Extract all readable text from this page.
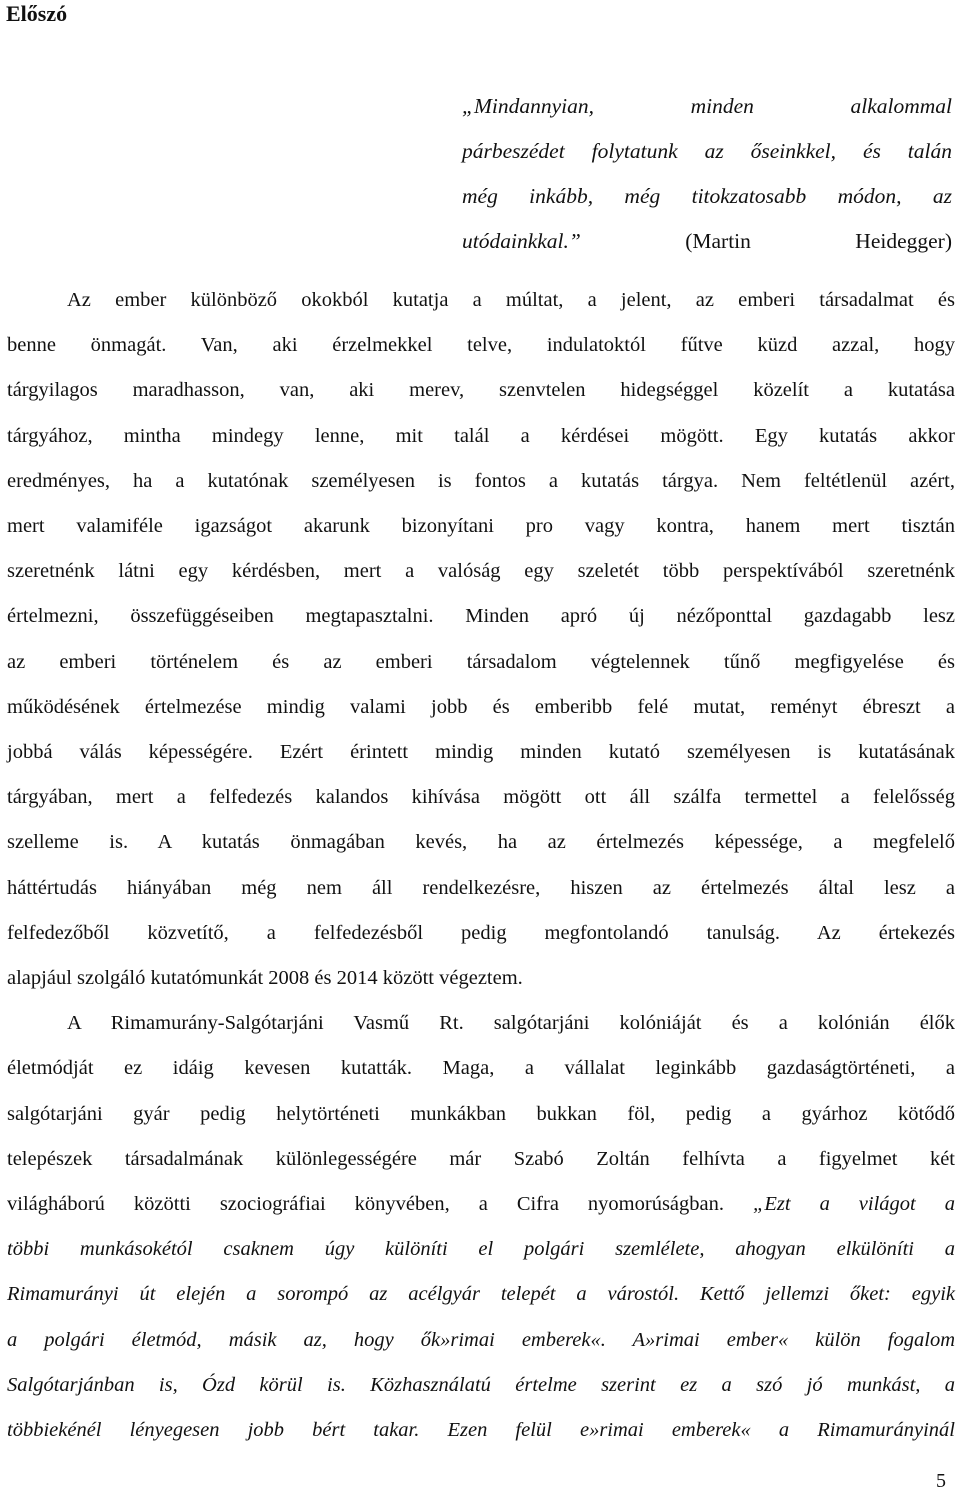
Előszó
„Mindannyian, minden alkalommal
párbeszédet folytatunk az őseinkkel, és talán
még inkább, még titokzatosabb módon, az
utódainkkal.”	(Martin Heidegger)
Az ember különböző okokból kutatja a múltat, a jelent, az emberi társadalmat és
benne önmagát. Van, aki érzelmekkel telve, indulatoktól fűtve küzd azzal, hogy
tárgyilagos maradhasson, van, aki merev, szenvtelen hidegséggel közelít a kutatása
tárgyához, mintha mindegy lenne, mit talál a kérdései mögött. Egy kutatás akkor
eredményes, ha a kutatónak személyesen is fontos a kutatás tárgya. Nem feltétlenül azért,
mert valamiféle igazságot akarunk bizonyítani pro vagy kontra, hanem mert tisztán
szeretnénk látni egy kérdésben, mert a valóság egy szeletét több perspektívából szeretnénk
értelmezni, összefüggéseiben megtapasztalni. Minden apró új nézőponttal gazdagabb lesz
az emberi történelem és az emberi társadalom végtelennek tűnő megfigyelése és
működésének értelmezése mindig valami jobb és emberibb felé mutat, reményt ébreszt a
jobbá válás képességére. Ezért érintett mindig minden kutató személyesen is kutatásának
tárgyában, mert a felfedezés kalandos kihívása mögött ott áll szálfa termettel a felelősség
szelleme is. A kutatás önmagában kevés, ha az értelmezés képessége, a megfelelő
háttértudás hiányában még nem áll rendelkezésre, hiszen az értelmezés által lesz a
felfedezőből közvetítő, a felfedezésből pedig megfontolandó tanulság. Az értekezés
alapjául szolgáló kutatómunkát 2008 és 2014 között végeztem.
A Rimamurány-Salgótarjáni Vasmű Rt. salgótarjáni kolóniáját és a kolónián élők
életmódját ez idáig kevesen kutatták. Maga, a vállalat leginkább gazdaságtörténeti, a
salgótarjáni gyár pedig helytörténeti munkákban bukkan föl, pedig a gyárhoz kötődő
telepészek társadalmának különlegességére már Szabó Zoltán felhívta a figyelmet két
világháború közötti szociográfiai könyvében, a Cifra nyomorúságban. „Ezt a világot a
többi munkásokétól csaknem úgy különíti el polgári szemlélete, ahogyan elkülöníti a
Rimamurányi út elején a sorompó az acélgyár telepét a várostól. Kettő jellemzi őket: egyik
a polgári életmód, másik az, hogy ők»rimai emberek«. A»rimai ember« külön fogalom
Salgótarjánban is, Ózd körül is. Közhasználatú értelme szerint ez a szó jó munkást, a
többiekénél lényegesen jobb bért takar. Ezen felül e»rimai emberek« a Rimamurányinál
5
